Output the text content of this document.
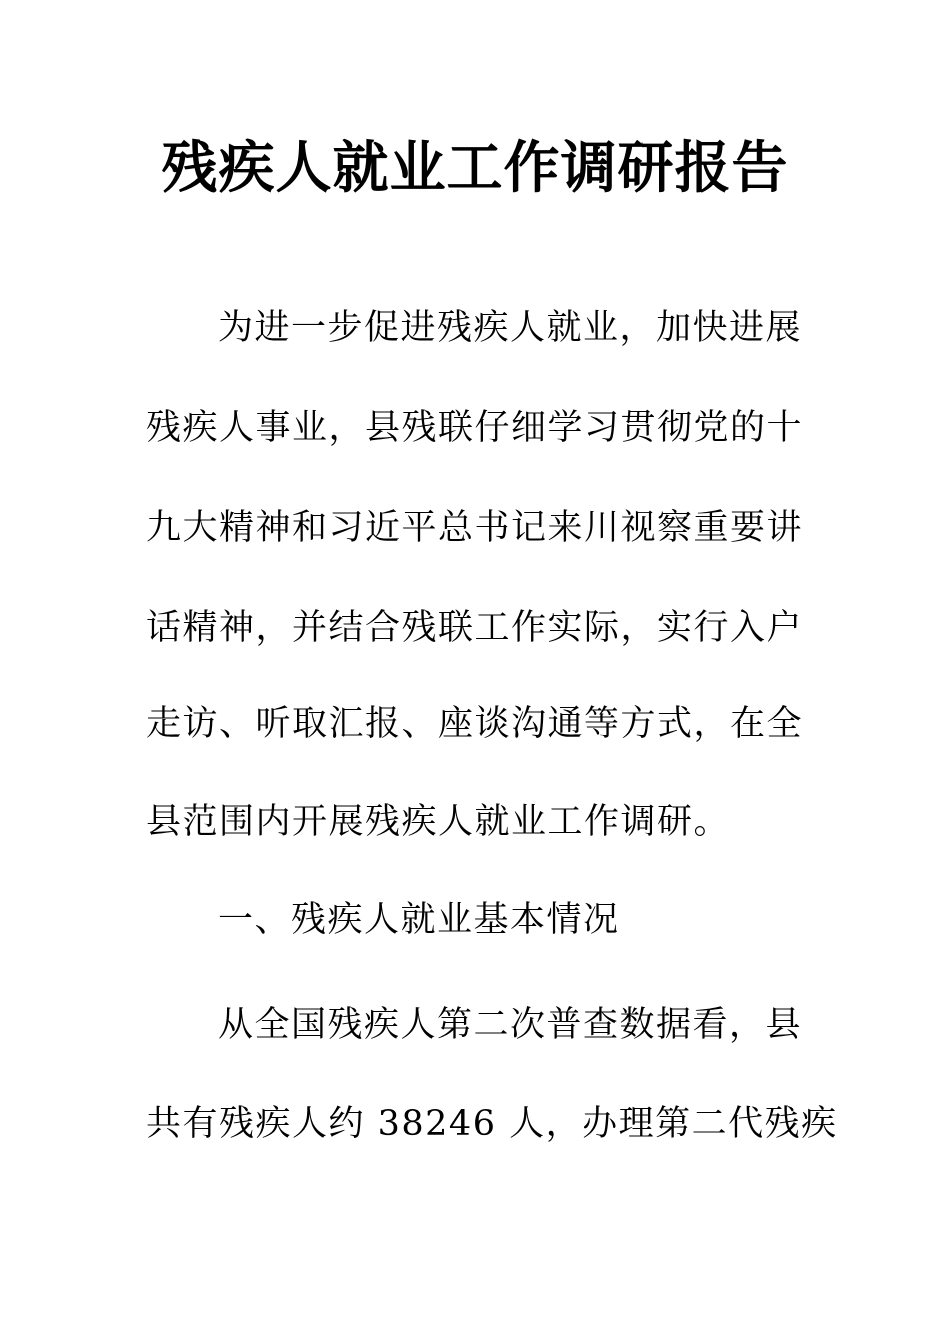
残疾人就业工作调研报告
为进一步促进残疾人就业，加快进展
残疾人事业，县残联仔细学习贯彻党的十
九大精神和习近平总书记来川视察重要讲
话精神，并结合残联工作实际，实行入户
走访、听取汇报、座谈沟通等方式，在全
县范围内开展残疾人就业工作调研。
一、残疾人就业基本情况
从全国残疾人第二次普查数据看，县
共有残疾人约 38246 人，办理第二代残疾
